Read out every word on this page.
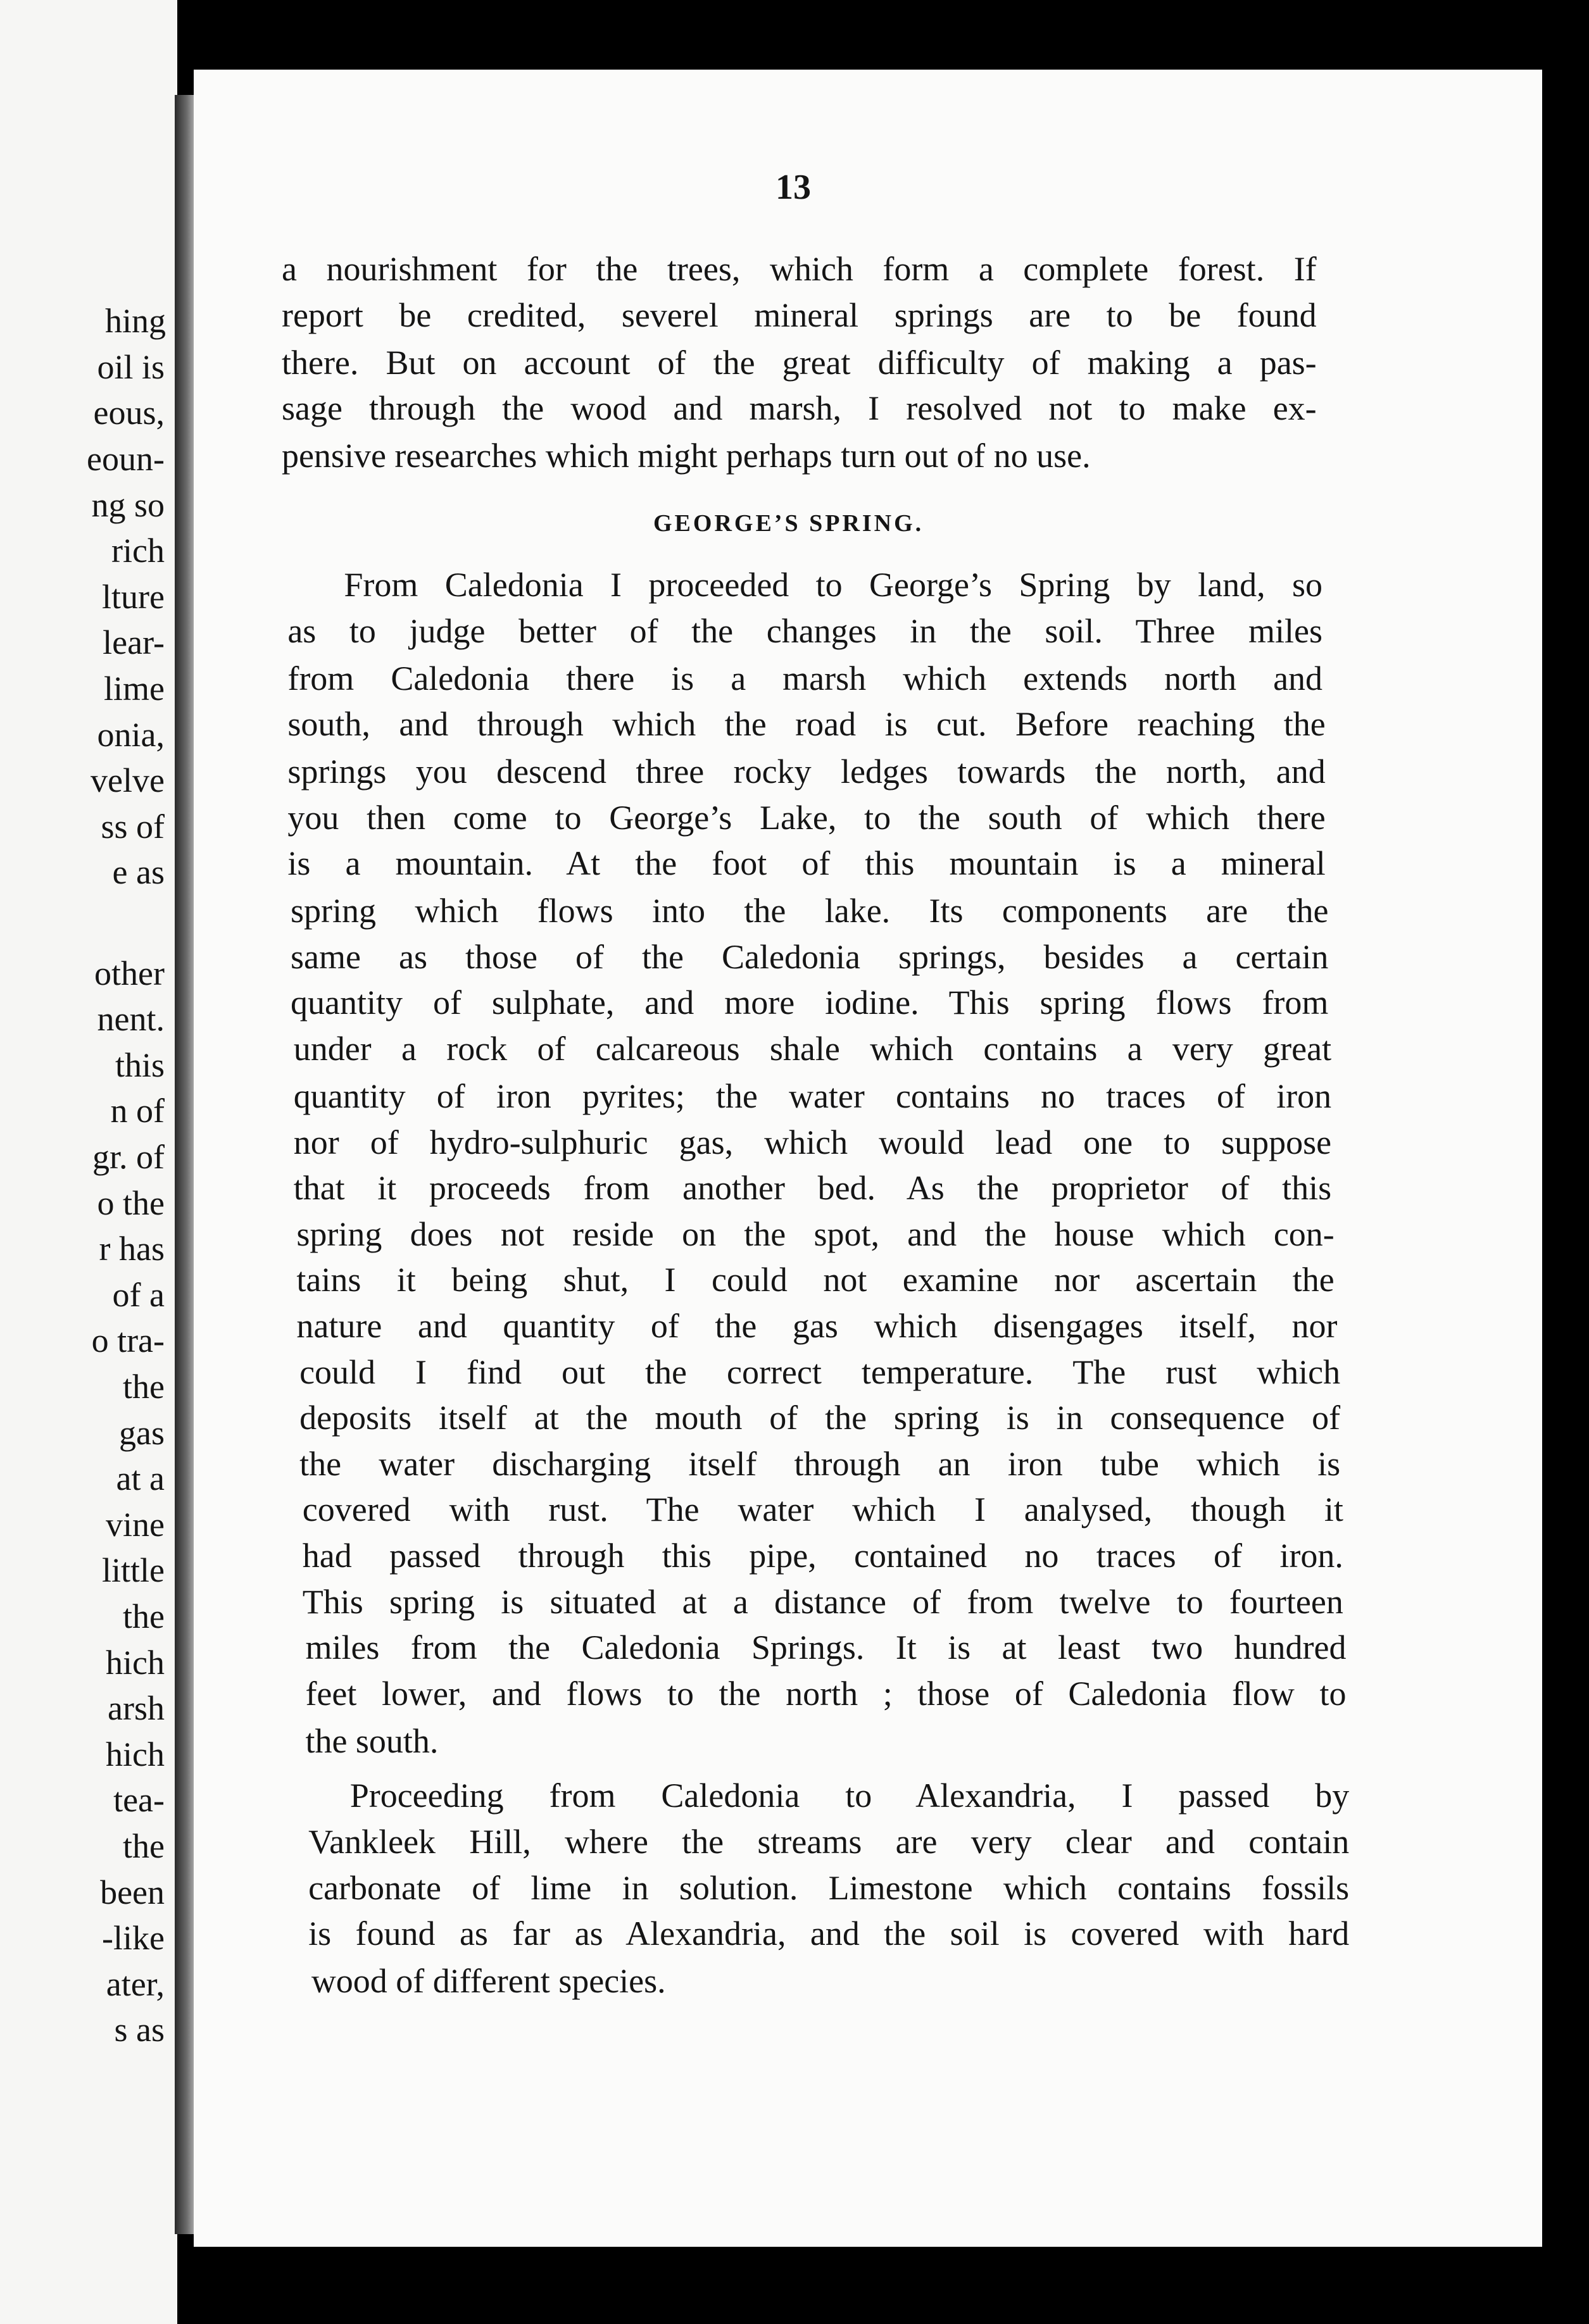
hing
oil is
eous,
eoun-
ng so
rich
lture
lear-
lime
onia,
velve
ss of
e as
other
nent.
this
n of
gr. of
o the
r has
of a
o tra-
the
gas
at a
vine
little
the
hich
arsh
hich
tea-
the
been
-like
ater,
s as
13
GEORGE’S SPRING.
a nourishment for the trees, which form a complete forest. If
report be credited, severel mineral springs are to be found
there. But on account of the great difficulty of making a pas-
sage through the wood and marsh, I resolved not to make ex-
pensive researches which might perhaps turn out of no use.
From Caledonia I proceeded to George’s Spring by land, so
as to judge better of the changes in the soil. Three miles
from Caledonia there is a marsh which extends north and
south, and through which the road is cut. Before reaching the
springs you descend three rocky ledges towards the north, and
you then come to George’s Lake, to the south of which there
is a mountain. At the foot of this mountain is a mineral
spring which flows into the lake. Its components are the
same as those of the Caledonia springs, besides a certain
quantity of sulphate, and more iodine. This spring flows from
under a rock of calcareous shale which contains a very great
quantity of iron pyrites; the water contains no traces of iron
nor of hydro-sulphuric gas, which would lead one to suppose
that it proceeds from another bed. As the proprietor of this
spring does not reside on the spot, and the house which con-
tains it being shut, I could not examine nor ascertain the
nature and quantity of the gas which disengages itself, nor
could I find out the correct temperature. The rust which
deposits itself at the mouth of the spring is in consequence of
the water discharging itself through an iron tube which is
covered with rust. The water which I analysed, though it
had passed through this pipe, contained no traces of iron.
This spring is situated at a distance of from twelve to fourteen
miles from the Caledonia Springs. It is at least two hundred
feet lower, and flows to the north ; those of Caledonia flow to
the south.
Proceeding from Caledonia to Alexandria, I passed by
Vankleek Hill, where the streams are very clear and contain
carbonate of lime in solution. Limestone which contains fossils
is found as far as Alexandria, and the soil is covered with hard
wood of different species.
